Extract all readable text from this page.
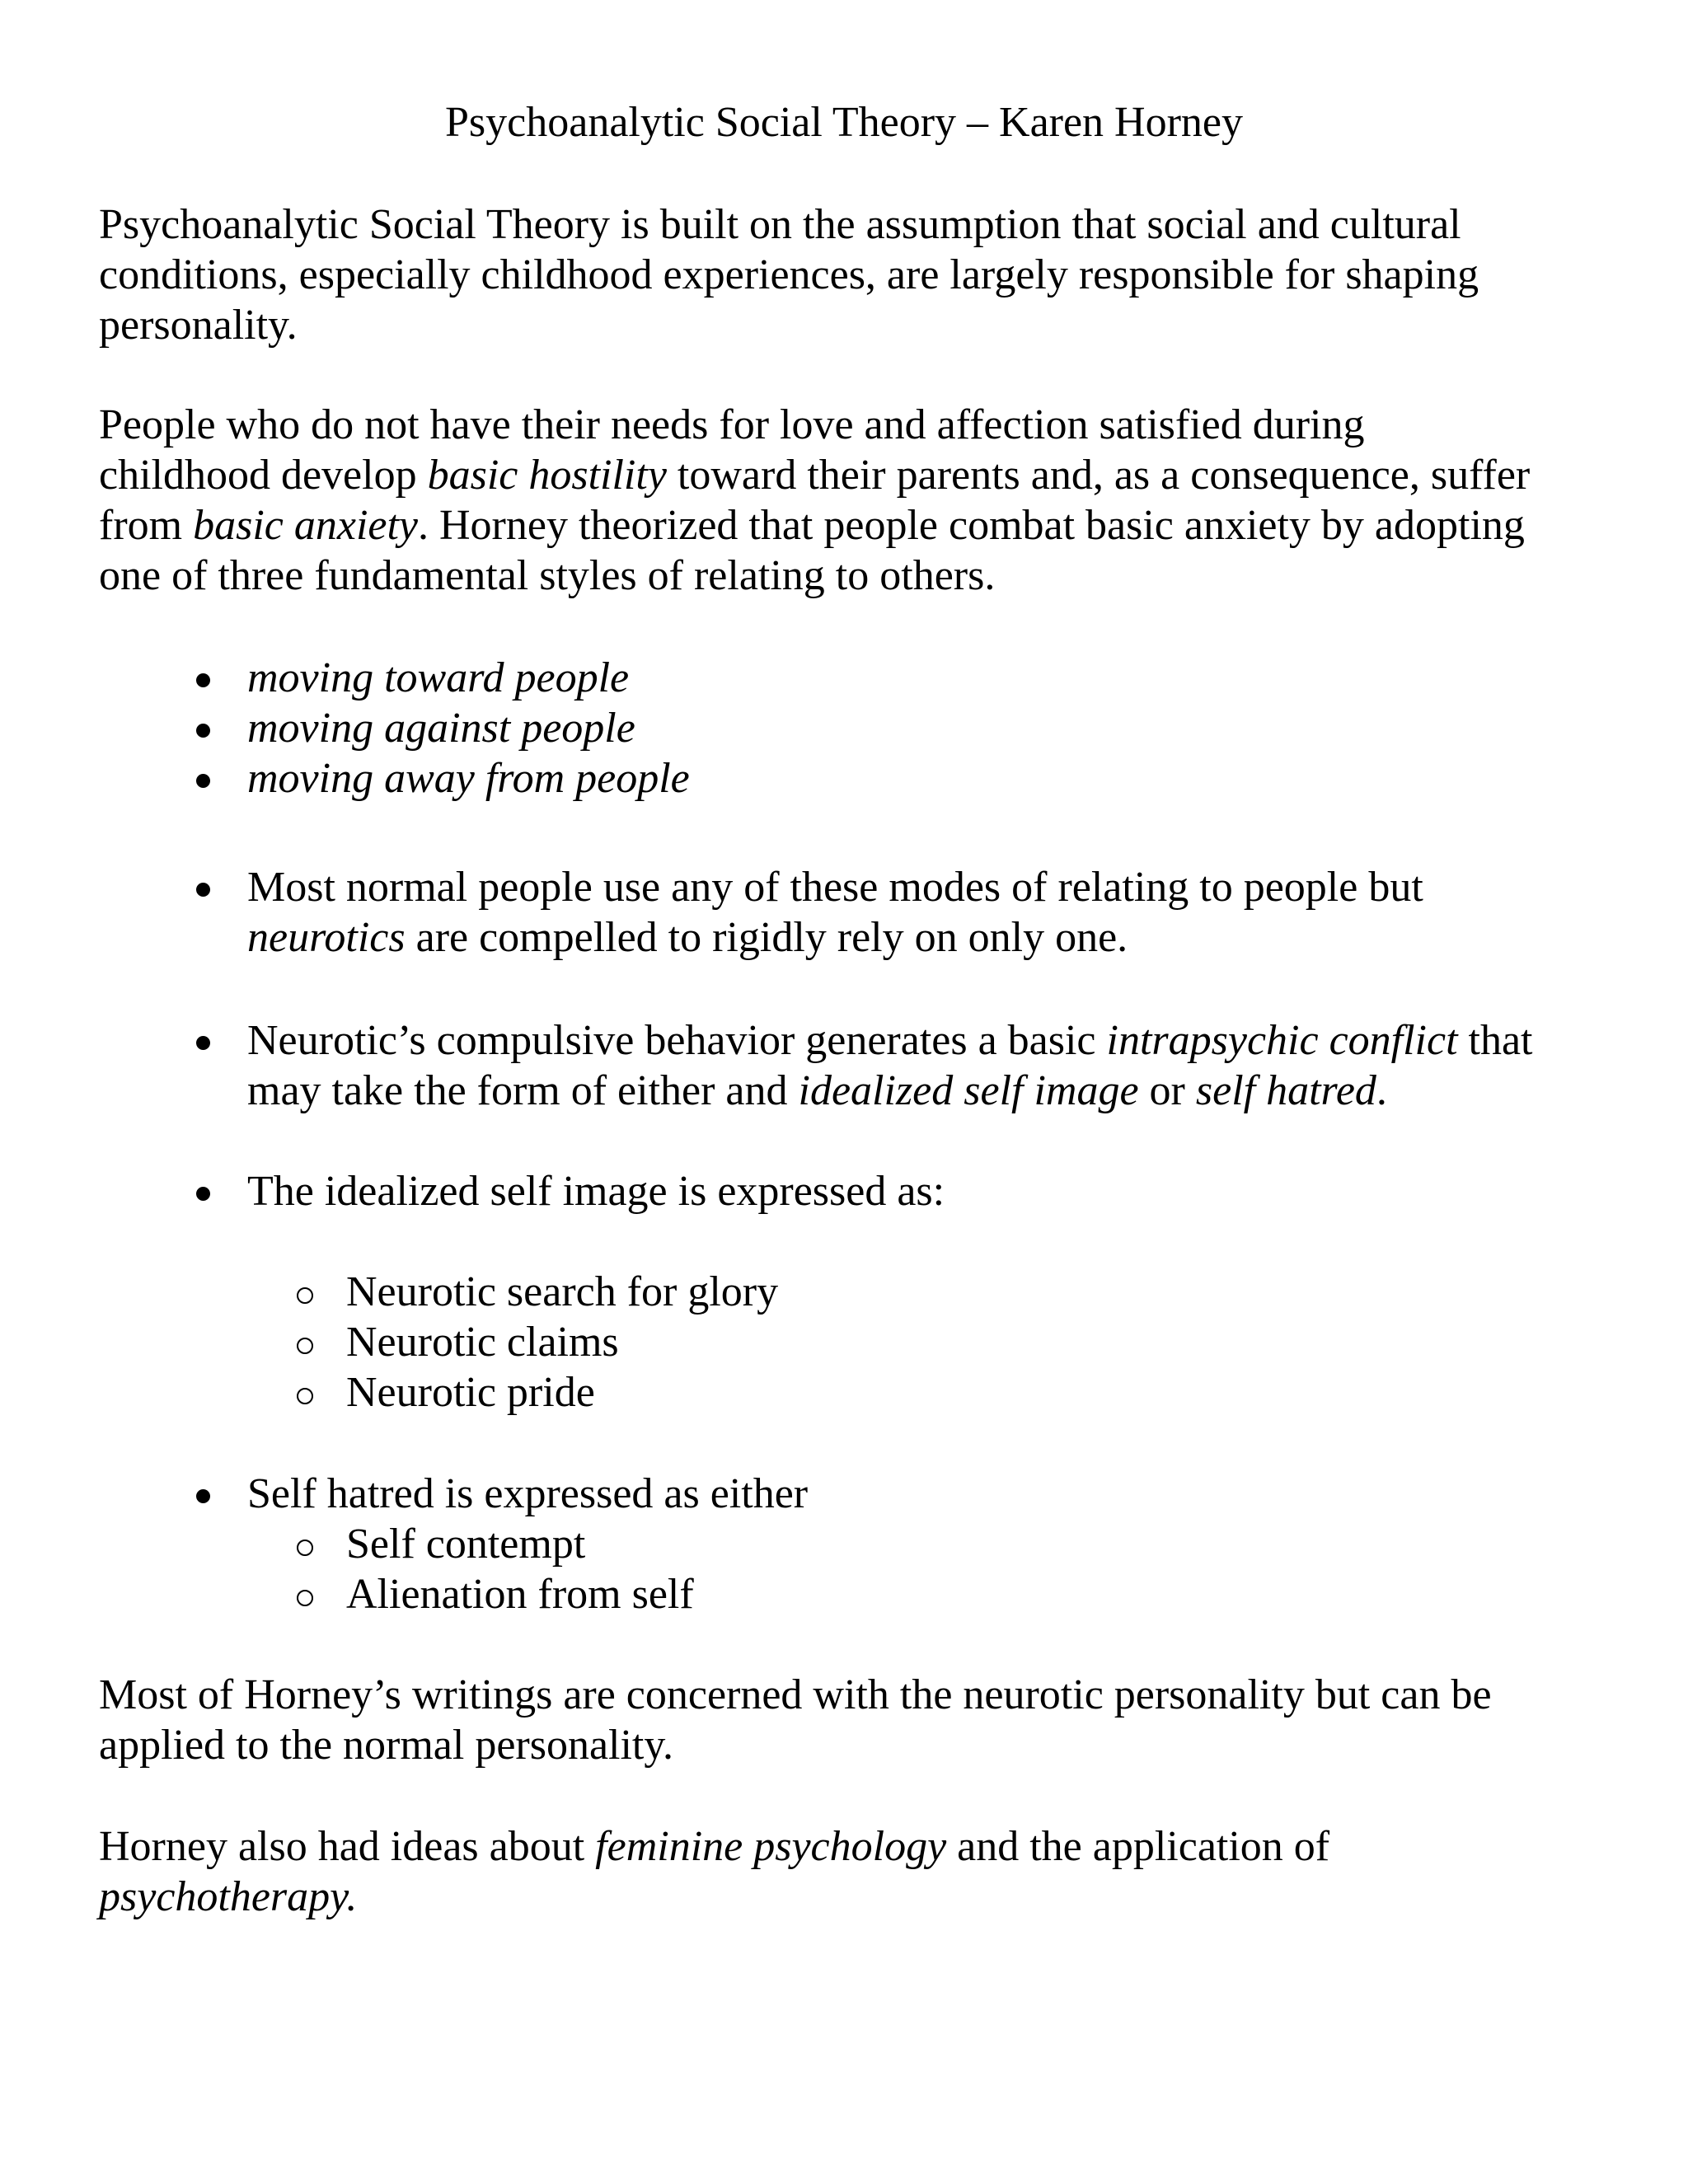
Psychoanalytic Social Theory – Karen Horney

Psychoanalytic Social Theory is built on the assumption that social and cultural
conditions, especially childhood experiences, are largely responsible for shaping
personality.

People who do not have their needs for love and affection satisfied during
childhood develop basic hostility toward their parents and, as a consequence, suffer
from basic anxiety. Horney theorized that people combat basic anxiety by adopting
one of three fundamental styles of relating to others.

moving toward people
moving against people
moving away from people
Most normal people use any of these modes of relating to people but
neurotics are compelled to rigidly rely on only one.
Neurotic’s compulsive behavior generates a basic intrapsychic conflict that
may take the form of either and idealized self image or self hatred.
The idealized self image is expressed as:
Neurotic search for glory
Neurotic claims
Neurotic pride
Self hatred is expressed as either
Self contempt
Alienation from self

Most of Horney’s writings are concerned with the neurotic personality but can be
applied to the normal personality.

Horney also had ideas about feminine psychology and the application of
psychotherapy.
